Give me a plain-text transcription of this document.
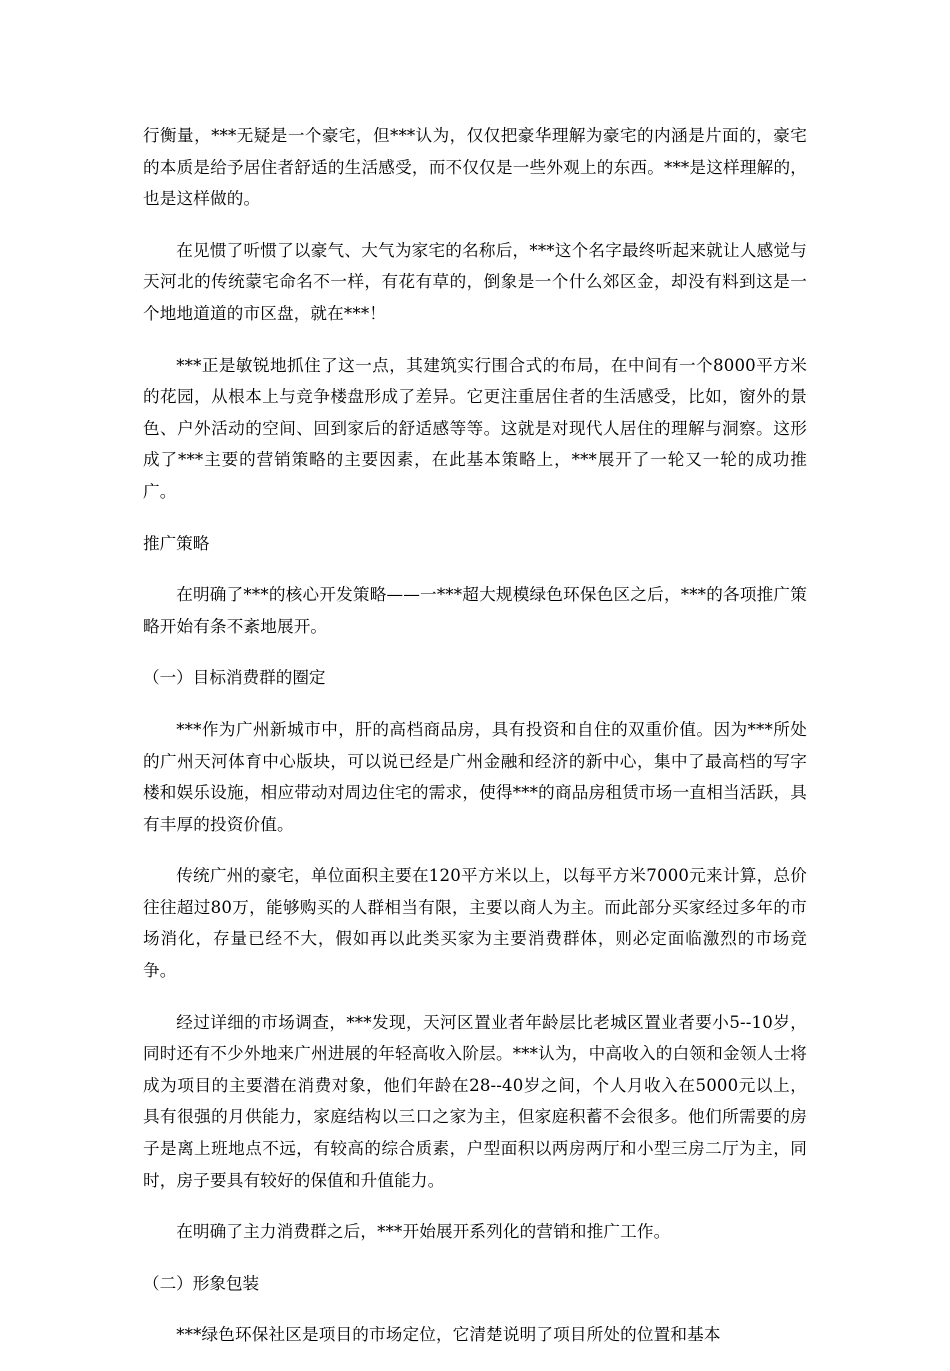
行衡量，***无疑是一个豪宅，但***认为，仅仅把豪华理解为豪宅的内涵是片面的，豪宅的本质是给予居住者舒适的生活感受，而不仅仅是一些外观上的东西。***是这样理解的，也是这样做的。

在见惯了听惯了以豪气、大气为家宅的名称后，***这个名字最终听起来就让人感觉与天河北的传统蒙宅命名不一样，有花有草的，倒象是一个什么郊区金，却没有料到这是一个地地道道的市区盘，就在***！

***正是敏锐地抓住了这一点，其建筑实行围合式的布局，在中间有一个8000平方米的花园，从根本上与竞争楼盘形成了差异。它更注重居住者的生活感受，比如，窗外的景色、户外活动的空间、回到家后的舒适感等等。这就是对现代人居住的理解与洞察。这形成了***主要的营销策略的主要因素，在此基本策略上，***展开了一轮又一轮的成功推广。

推广策略

在明确了***的核心开发策略——一***超大规模绿色环保色区之后，***的各项推广策略开始有条不紊地展开。

（一）目标消费群的圈定

***作为广州新城市中，肝的高档商品房，具有投资和自住的双重价值。因为***所处的广州天河体育中心版块，可以说已经是广州金融和经济的新中心，集中了最高档的写字楼和娱乐设施，相应带动对周边住宅的需求，使得***的商品房租赁市场一直相当活跃，具有丰厚的投资价值。

传统广州的豪宅，单位面积主要在120平方米以上，以每平方米7000元来计算，总价往往超过80万，能够购买的人群相当有限，主要以商人为主。而此部分买家经过多年的市场消化，存量已经不大，假如再以此类买家为主要消费群体，则必定面临激烈的市场竞争。

经过详细的市场调查，***发现，天河区置业者年龄层比老城区置业者要小5--10岁，同时还有不少外地来广州进展的年轻高收入阶层。***认为，中高收入的白领和金领人士将成为项目的主要潜在消费对象，他们年龄在28--40岁之间，个人月收入在5000元以上，具有很强的月供能力，家庭结构以三口之家为主，但家庭积蓄不会很多。他们所需要的房子是离上班地点不远，有较高的综合质素，户型面积以两房两厅和小型三房二厅为主，同时，房子要具有较好的保值和升值能力。

在明确了主力消费群之后，***开始展开系列化的营销和推广工作。

（二）形象包装

***绿色环保社区是项目的市场定位，它清楚说明了项目所处的位置和基本
